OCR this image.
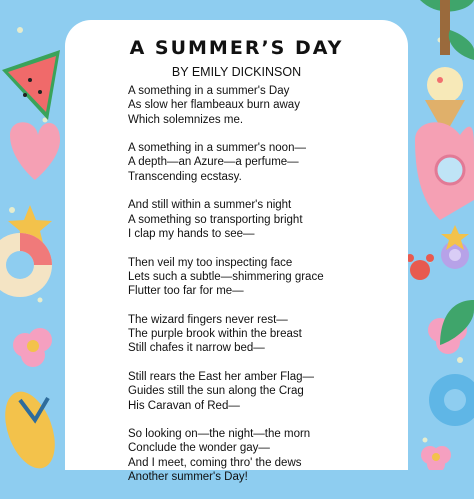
A SUMMER’S DAY

BY EMILY DICKINSON

A something in a summer's Day
As slow her flambeaux burn away
Which solemnizes me.
A something in a summer's noon—
A depth—an Azure—a perfume—
Transcending ecstasy.
And still within a summer's night
A something so transporting bright
I clap my hands to see—
Then veil my too inspecting face
Lets such a subtle—shimmering grace
Flutter too far for me—
The wizard fingers never rest—
The purple brook within the breast
Still chafes it narrow bed—
Still rears the East her amber Flag—
Guides still the sun along the Crag
His Caravan of Red—
So looking on—the night—the morn
Conclude the wonder gay—
And I meet, coming thro' the dews
Another summer's Day!
